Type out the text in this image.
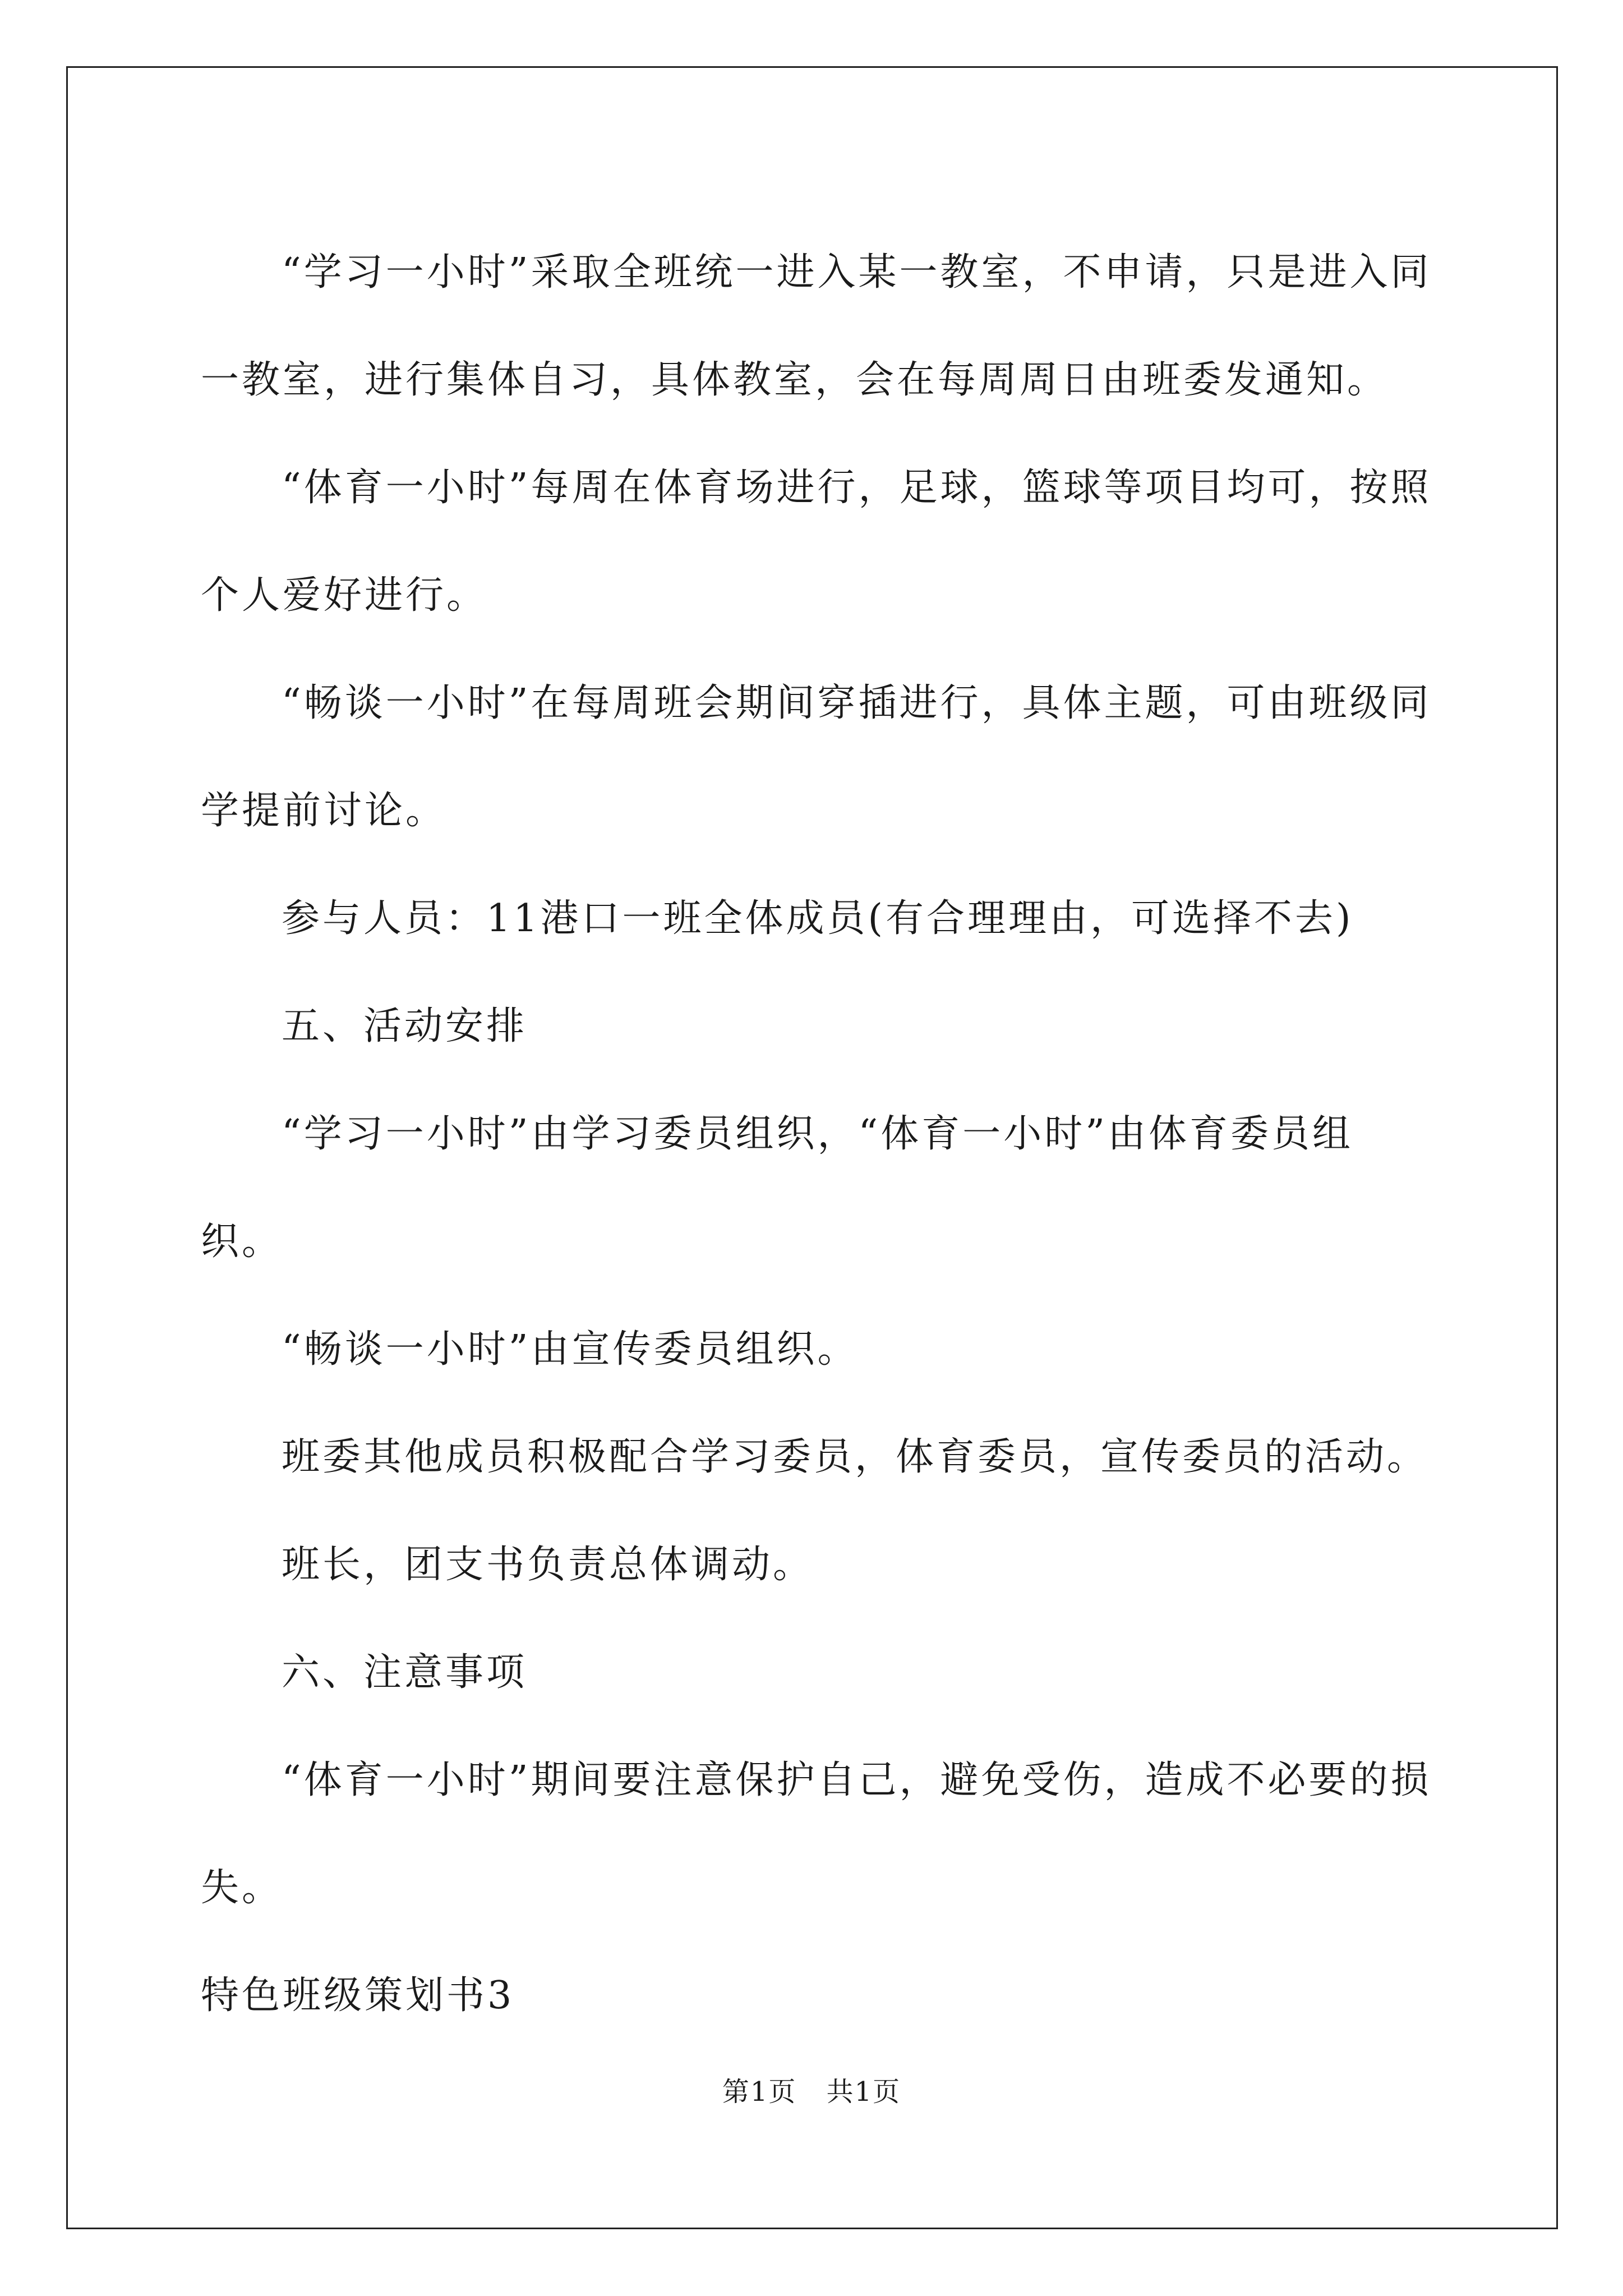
“学习一小时”采取全班统一进入某一教室，不申请，只是进入同一教室，进行集体自习，具体教室，会在每周周日由班委发通知。

“体育一小时”每周在体育场进行，足球，篮球等项目均可，按照个人爱好进行。

“畅谈一小时”在每周班会期间穿插进行，具体主题，可由班级同学提前讨论。

参与人员：11港口一班全体成员(有合理理由，可选择不去)

五、活动安排

“学习一小时”由学习委员组织，“体育一小时”由体育委员组织。

“畅谈一小时”由宣传委员组织。

班委其他成员积极配合学习委员，体育委员，宣传委员的活动。

班长，团支书负责总体调动。

六、注意事项

“体育一小时”期间要注意保护自己，避免受伤，造成不必要的损失。

特色班级策划书3

第1页 共1页
